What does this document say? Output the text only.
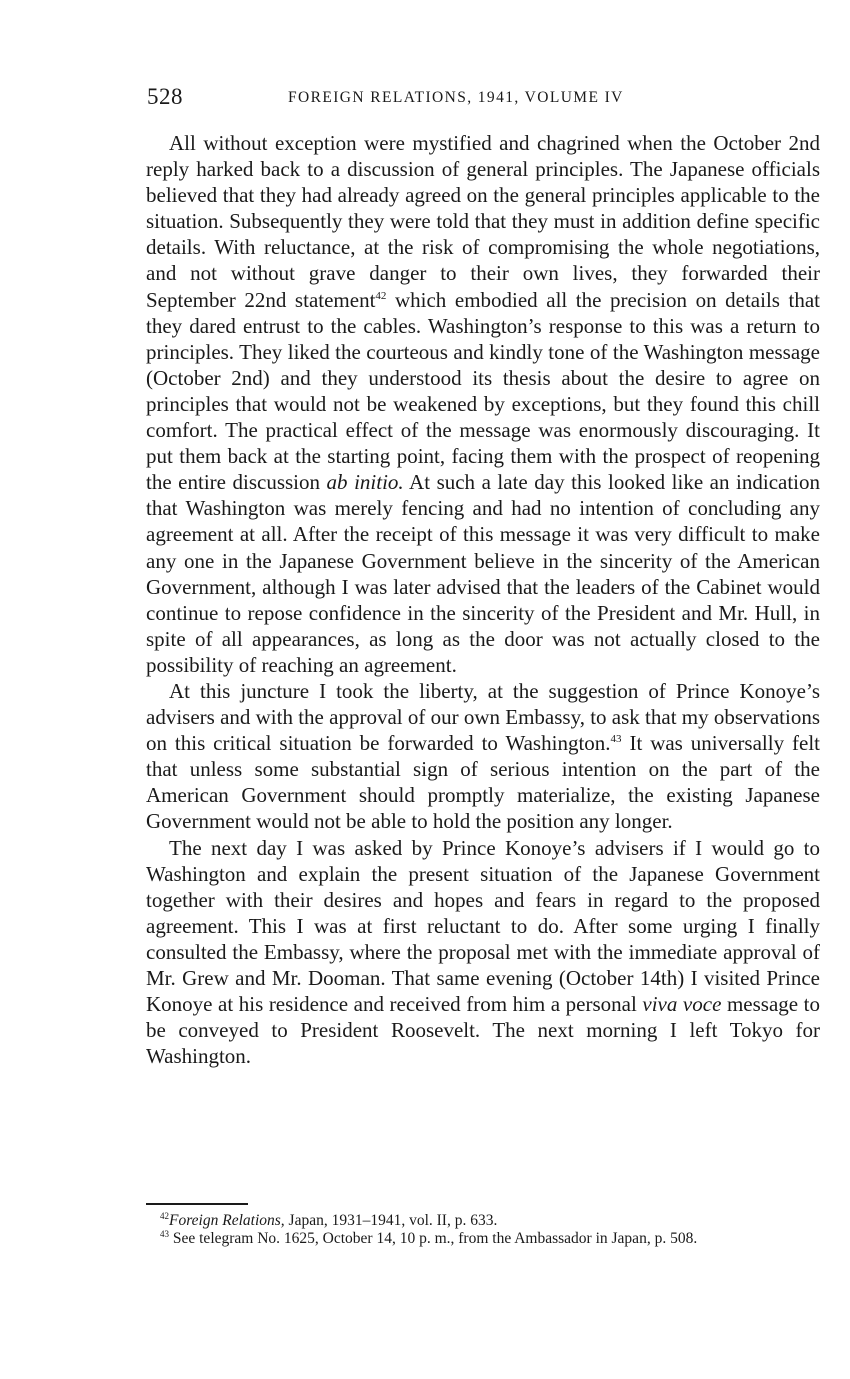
528	FOREIGN RELATIONS, 1941, VOLUME IV

All without exception were mystified and chagrined when the October 2nd reply harked back to a discussion of general principles. The Japanese officials believed that they had already agreed on the general principles applicable to the situation. Subsequently they were told that they must in addition define specific details. With reluctance, at the risk of compromising the whole negotiations, and not without grave danger to their own lives, they forwarded their September 22nd statement$^{42}$ which embodied all the precision on details that they dared entrust to the cables. Washington’s response to this was a return to principles. They liked the courteous and kindly tone of the Washington message (October 2nd) and they understood its thesis about the desire to agree on principles that would not be weakened by exceptions, but they found this chill comfort. The practical effect of the message was enormously discouraging. It put them back at the starting point, facing them with the prospect of reopening the entire discussion ab initio. At such a late day this looked like an indication that Washington was merely fencing and had no intention of concluding any agreement at all. After the receipt of this message it was very difficult to make any one in the Japanese Government believe in the sincerity of the American Government, although I was later advised that the leaders of the Cabinet would continue to repose confidence in the sincerity of the President and Mr. Hull, in spite of all appearances, as long as the door was not actually closed to the possibility of reaching an agreement.

At this juncture I took the liberty, at the suggestion of Prince Konoye’s advisers and with the approval of our own Embassy, to ask that my observations on this critical situation be forwarded to Washington.$^{43}$ It was universally felt that unless some substantial sign of serious intention on the part of the American Government should promptly materialize, the existing Japanese Government would not be able to hold the position any longer.

The next day I was asked by Prince Konoye’s advisers if I would go to Washington and explain the present situation of the Japanese Government together with their desires and hopes and fears in regard to the proposed agreement. This I was at first reluctant to do. After some urging I finally consulted the Embassy, where the proposal met with the immediate approval of Mr. Grew and Mr. Dooman. That same evening (October 14th) I visited Prince Konoye at his residence and received from him a personal viva voce message to be conveyed to President Roosevelt. The next morning I left Tokyo for Washington.

$^{42}$Foreign Relations, Japan, 1931–1941, vol. II, p. 633.

$^{43}$ See telegram No. 1625, October 14, 10 p. m., from the Ambassador in Japan, p. 508.
